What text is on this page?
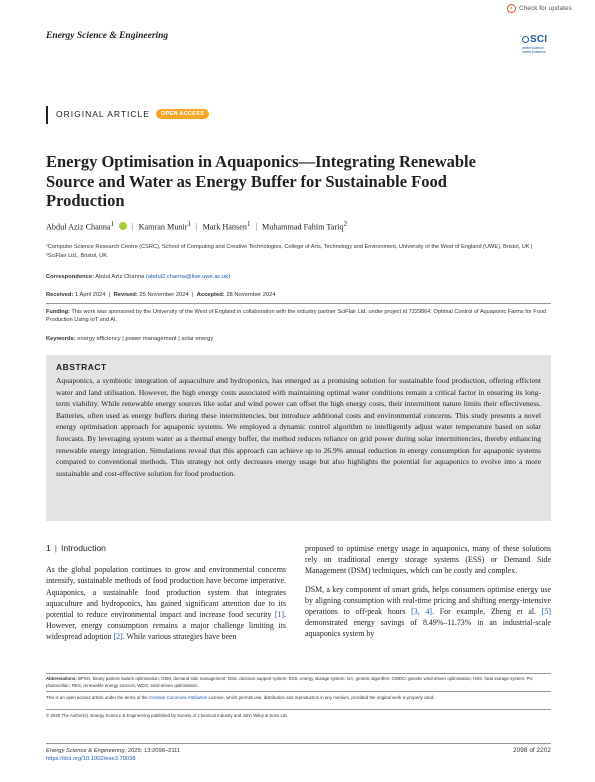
Check for updates
Energy Science & Engineering	SCI
where science meets business
ORIGINAL ARTICLE	OPEN ACCESS
Energy Optimisation in Aquaponics—Integrating Renewable Source and Water as Energy Buffer for Sustainable Food Production
Abdul Aziz Channa$^1$ | Kamran Munir$^1$ | Mark Hansen$^1$ | Muhammad Fahim Tariq$^2$
¹Computer Science Research Centre (CSRC), School of Computing and Creative Technologies, College of Arts, Technology and Environment, University of the West of England (UWE), Bristol, UK | ²SciFlair Ltd., Bristol, UK
Correspondence: Abdul Aziz Channa (abdul2.channa@live.uwe.ac.uk)
Received: 1 April 2024  |  Revised: 25 November 2024  |  Accepted: 28 November 2024
Funding: This work was sponsored by the University of the West of England in collaboration with the industry partner SciFlair Ltd. under project id 7229864: Optimal Control of Aquaponic Farms for Food Production Using IoT and AI.
Keywords: energy efficiency | power management | solar energy
ABSTRACT
Aquaponics, a symbiotic integration of aquaculture and hydroponics, has emerged as a promising solution for sustainable food production, offering efficient water and land utilisation. However, the high energy costs associated with maintaining optimal water conditions remain a critical factor in ensuring its long-term viability. While renewable energy sources like solar and wind power can offset the high energy costs, their intermittent nature limits their effectiveness. Batteries, often used as energy buffers during these intermittencies, but introduce additional costs and environmental concerns. This study presents a novel energy optimisation approach for aquaponic systems. We employed a dynamic control algorithm to intelligently adjust water temperature based on solar forecasts. By leveraging system water as a thermal energy buffer, the method reduces reliance on grid power during solar intermittencies, thereby enhancing renewable energy integration. Simulations reveal that this approach can achieve up to 26.9% annual reduction in energy consumption for aquaponic systems compared to conventional methods. This strategy not only decreases energy usage but also highlights the potential for aquaponics to evolve into a more sustainable and cost-effective solution for food production.
1 | Introduction

As the global population continues to grow and environmental concerns intensify, sustainable methods of food production have become imperative. Aquaponics, a sustainable food production system that integrates aquaculture and hydroponics, has gained significant attention due to its potential to reduce environmental impact and increase food security [1]. However, energy consumption remains a major challenge limiting its widespread adoption [2]. While various strategies have been

proposed to optimise energy usage in aquaponics, many of these solutions rely on traditional energy storage systems (ESS) or Demand Side Management (DSM) techniques, which can be costly and complex.

DSM, a key component of smart grids, helps consumers optimise energy use by aligning consumption with real-time pricing and shifting energy-intensive operations to off-peak hours [3, 4]. For example, Zheng et al. [5] demonstrated energy savings of 8.49%–11.73% in an industrial-scale aquaponics system by

Abbreviations: BPSO, binary particle swarm optimisation; DSM, demand side management; DSS, decision support system; ESS, energy storage system; GA, genetic algorithm; GWDO, genetic wind-driven optimisation; HSS, heat storage system; PV, photovoltaic; RES, renewable energy sources; WDO, wind-driven optimisation.
This is an open access article under the terms of the Creative Commons Attribution License, which permits use, distribution and reproduction in any medium, provided the original work is properly cited.
© 2025 The Author(s). Energy Science & Engineering published by Society of Chemical Industry and John Wiley & Sons Ltd.
Energy Science & Engineering, 2025; 13:2098–2111
https://doi.org/10.1002/ese3.70038
2098 of 2202
